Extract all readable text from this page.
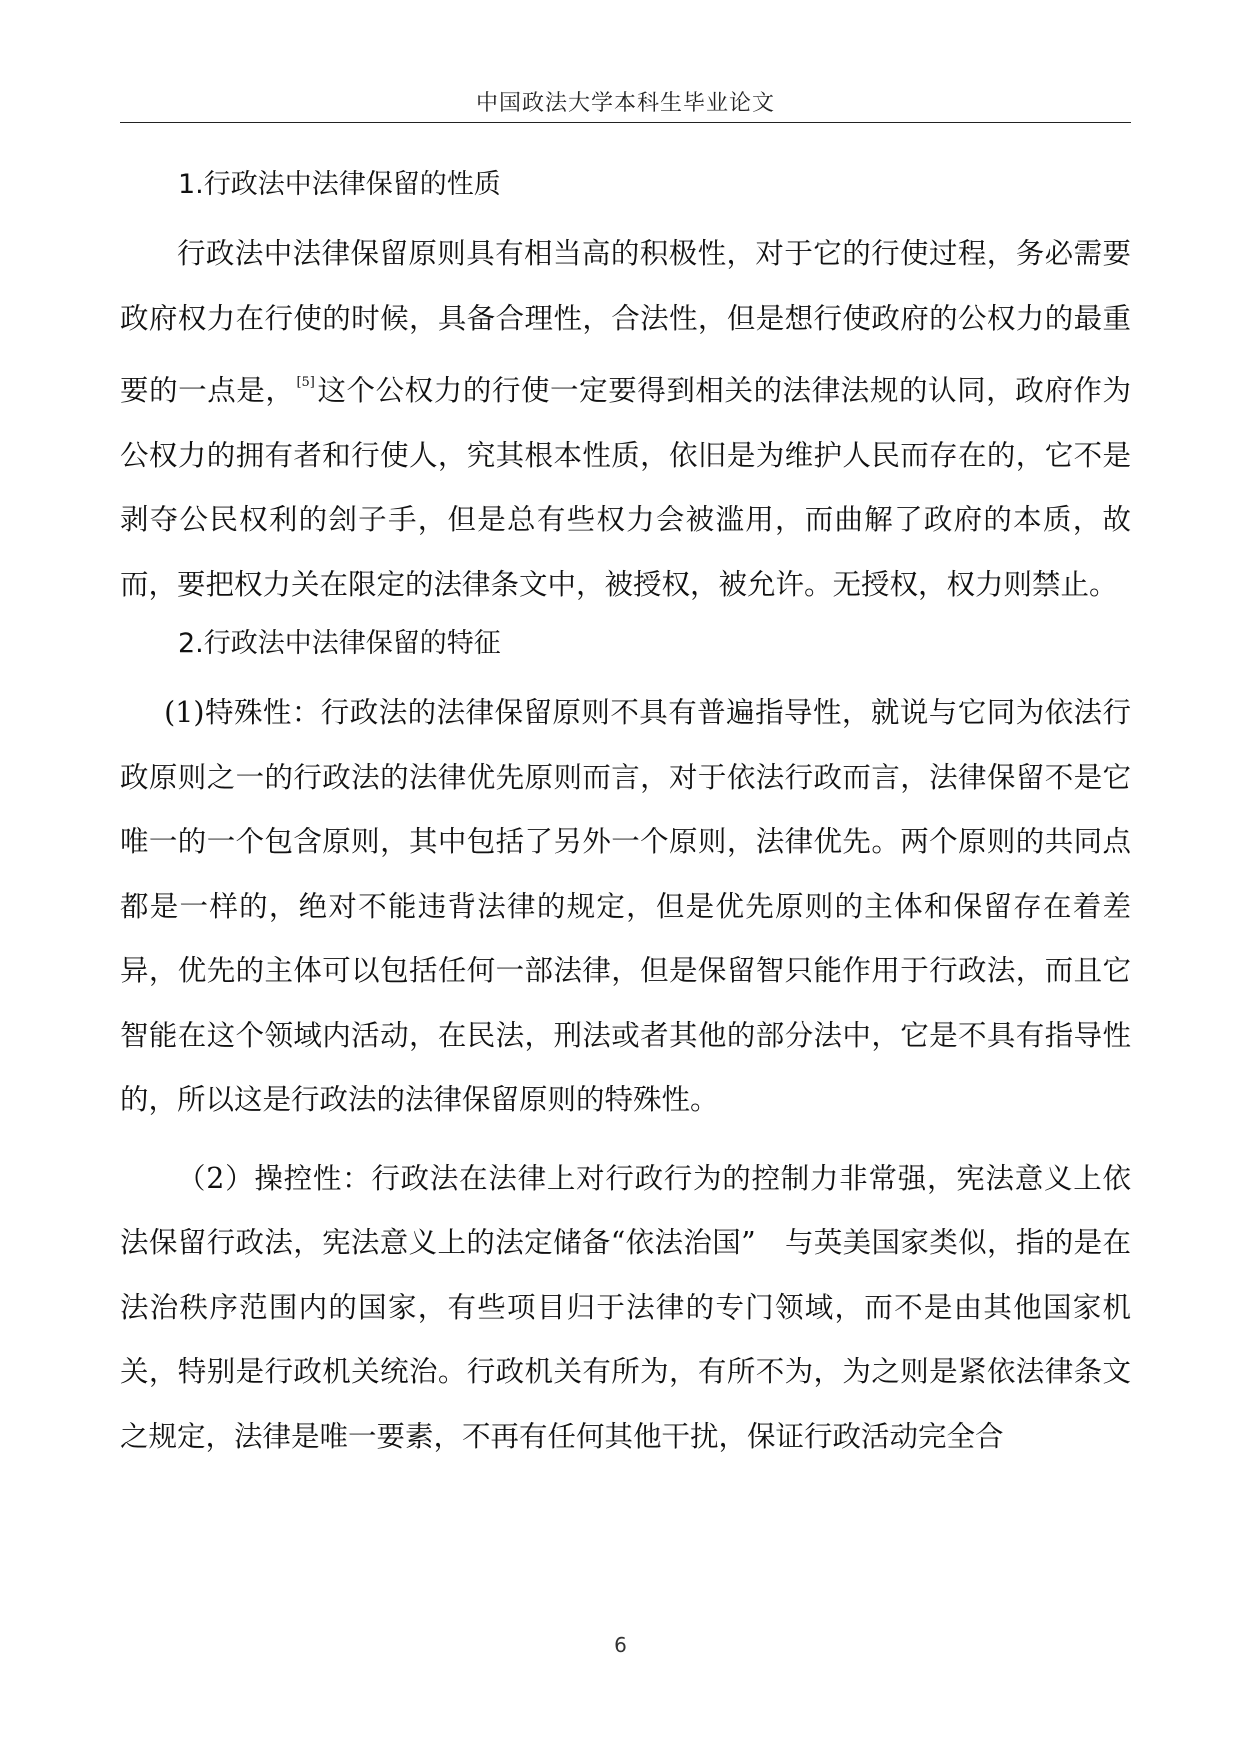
中国政法大学本科生毕业论文
1.行政法中法律保留的性质

行政法中法律保留原则具有相当高的积极性，对于它的行使过程，务必需要政府权力在行使的时候，具备合理性，合法性，但是想行使政府的公权力的最重要的一点是， [5]这个公权力的行使一定要得到相关的法律法规的认同，政府作为公权力的拥有者和行使人，究其根本性质，依旧是为维护人民而存在的，它不是剥夺公民权利的刽子手，但是总有些权力会被滥用，而曲解了政府的本质，故而，要把权力关在限定的法律条文中，被授权，被允许。无授权，权力则禁止。

2.行政法中法律保留的特征

(1)特殊性：行政法的法律保留原则不具有普遍指导性，就说与它同为依法行政原则之一的行政法的法律优先原则而言，对于依法行政而言，法律保留不是它唯一的一个包含原则，其中包括了另外一个原则，法律优先。两个原则的共同点都是一样的，绝对不能违背法律的规定，但是优先原则的主体和保留存在着差异，优先的主体可以包括任何一部法律，但是保留智只能作用于行政法，而且它智能在这个领域内活动，在民法，刑法或者其他的部分法中，它是不具有指导性的，所以这是行政法的法律保留原则的特殊性。

（2）操控性：行政法在法律上对行政行为的控制力非常强，宪法意义上依法保留行政法，宪法意义上的法定储备“依法治国”　与英美国家类似，指的是在法治秩序范围内的国家，有些项目归于法律的专门领域，而不是由其他国家机关，特别是行政机关统治。行政机关有所为，有所不为，为之则是紧依法律条文之规定，法律是唯一要素，不再有任何其他干扰，保证行政活动完全合

6
